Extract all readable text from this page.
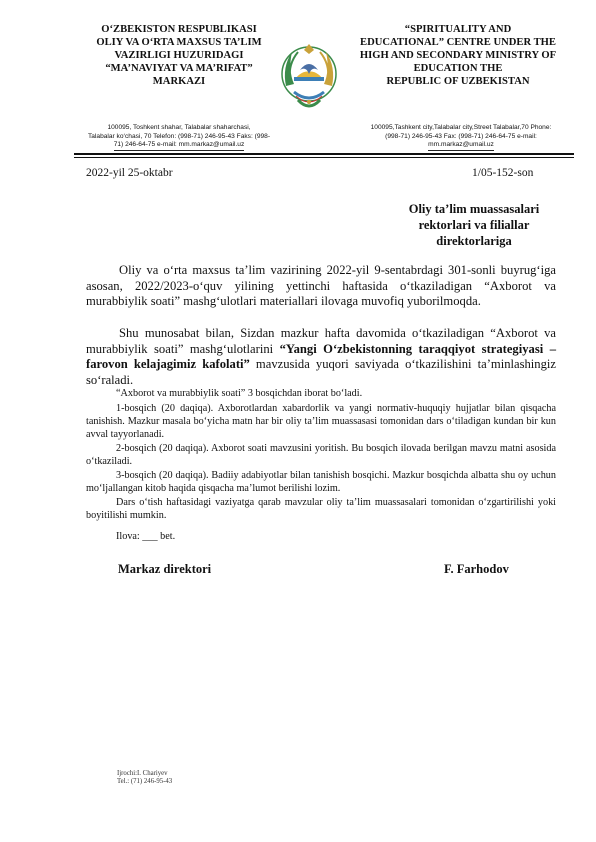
O‘ZBEKISTON RESPUBLIKASI
OLIY VA O‘RTA MAXSUS TA’LIM
VAZIRLIGI HUZURIDAGI
“MA’NAVIYAT VA MA’RIFAT”
MARKAZI
“SPIRITUALITY AND
EDUCATIONAL” CENTRE UNDER THE
HIGH AND SECONDARY MINISTRY OF
EDUCATION THE
REPUBLIC OF UZBEKISTAN
100095, Toshkent shahar, Talabalar shaharchasi,
Talabalar ko‘chasi, 70 Telefon: (998-71) 246-95-43 Faks: (998-
71) 246-64-75 e-mail: mm.markaz@umail.uz
100095,Tashkent city,Talabalar city,Street Talabalar,70 Phone:
(998-71) 246-95-43 Fax: (998-71) 246-64-75 e-mail:
mm.markaz@umail.uz
2022-yil 25-oktabr	1/05-152-son
Oliy ta’lim muassasalari
rektorlari va filiallar
direktorlariga
Oliy va o‘rta maxsus ta’lim vazirining 2022-yil 9-sentabrdagi 301-sonli buyrug‘iga asosan, 2022/2023-o‘quv yilining yettinchi haftasida o‘tkaziladigan “Axborot va murabbiylik soati” mashg‘ulotlari materiallari ilovaga muvofiq yuborilmoqda.
Shu munosabat bilan, Sizdan mazkur hafta davomida o‘tkaziladigan “Axborot va murabbiylik soati” mashg‘ulotlarini “Yangi O‘zbekistonning taraqqiyot strategiyasi – farovon kelajagimiz kafolati” mavzusida yuqori saviyada o‘tkazilishini ta’minlashingiz so‘raladi.
“Axborot va murabbiylik soati” 3 bosqichdan iborat bo‘ladi.
1-bosqich (20 daqiqa). Axborotlardan xabardorlik va yangi normativ-huquqiy hujjatlar bilan qisqacha tanishish. Mazkur masala bo‘yicha matn har bir oliy ta’lim muassasasi tomonidan dars o‘tiladigan kundan bir kun avval tayyorlanadi.
2-bosqich (20 daqiqa). Axborot soati mavzusini yoritish. Bu bosqich ilovada berilgan mavzu matni asosida o‘tkaziladi.
3-bosqich (20 daqiqa). Badiiy adabiyotlar bilan tanishish bosqichi. Mazkur bosqichda albatta shu oy uchun mo‘ljallangan kitob haqida qisqacha ma’lumot berilishi lozim.
Dars o‘tish haftasidagi vaziyatga qarab mavzular oliy ta’lim muassasalari tomonidan o‘zgartirilishi yoki boyitilishi mumkin.
Ilova: ___ bet.
Markaz direktori	F. Farhodov
Ijrochi:I. Chariyev
Tel.: (71) 246-95-43
